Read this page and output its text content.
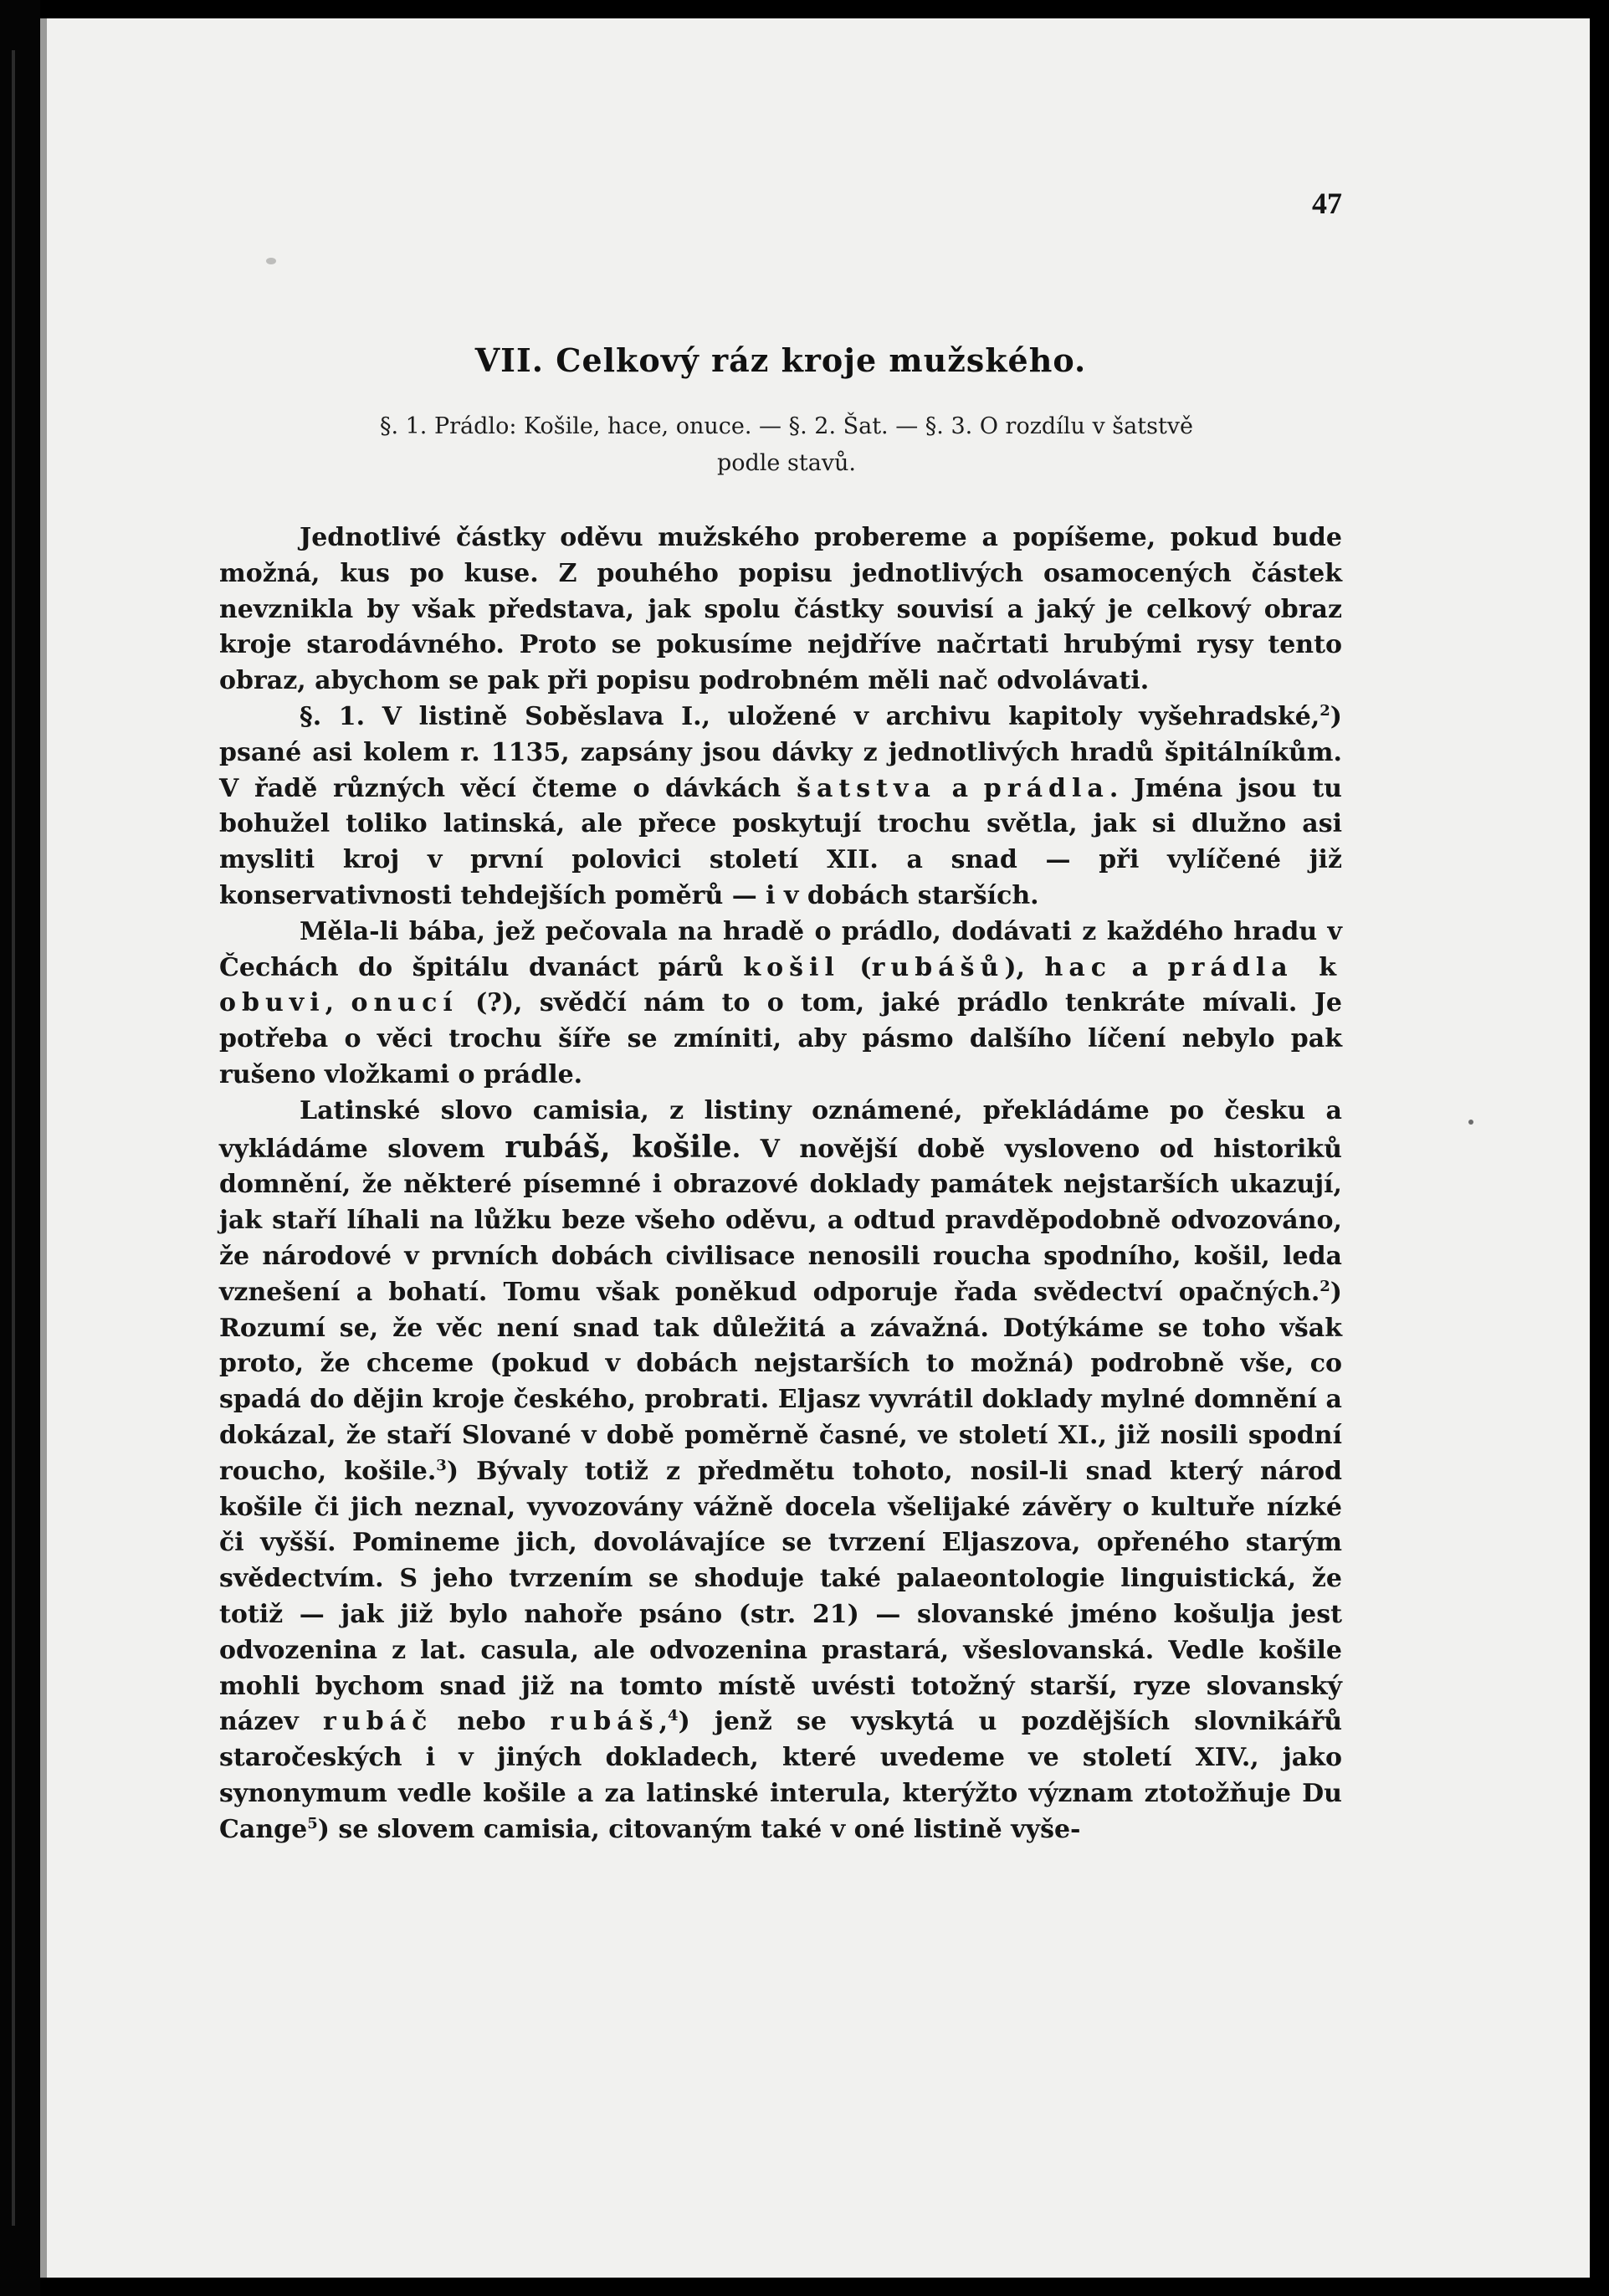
47
VII. Celkový ráz kroje mužského.
§. 1. Prádlo: Košile, hace, onuce. — §. 2. Šat. — §. 3. O rozdílu v šatstvě
podle stavů.

Jednotlivé částky oděvu mužského probereme a popíšeme, pokud bude možná, kus po kuse. Z pouhého popisu jednotlivých osamocených částek nevznikla by však představa, jak spolu částky souvisí a jaký je celkový obraz kroje starodávného. Proto se pokusíme nejdříve načrtati hrubými rysy tento obraz, abychom se pak při popisu podrobném měli nač odvolávati.

§. 1. V listině Soběslava I., uložené v archivu kapitoly vyšehradské,$^2$) psané asi kolem r. 1135, zapsány jsou dávky z jednotlivých hradů špitálníkům. V řadě různých věcí čteme o dávkách šatstva a prádla. Jména jsou tu bohužel toliko latinská, ale přece poskytují trochu světla, jak si dlužno asi mysliti kroj v první polovici století XII. a snad — při vylíčené již konservativnosti tehdejších poměrů — i v dobách starších.

Měla-li bába, jež pečovala na hradě o prádlo, dodávati z každého hradu v Čechách do špitálu dvanáct párů košil (rubášů), hac a prádla k obuvi, onucí (?), svědčí nám to o tom, jaké prádlo tenkráte mívali. Je potřeba o věci trochu šíře se zmíniti, aby pásmo dalšího líčení nebylo pak rušeno vložkami o prádle.

Latinské slovo camisia, z listiny oznámené, překládáme po česku a vykládáme slovem rubáš, košile. V novější době vysloveno od historiků domnění, že některé písemné i obrazové doklady památek nejstarších ukazují, jak staří líhali na lůžku beze všeho oděvu, a odtud pravděpodobně odvozováno, že národové v prvních dobách civilisace nenosili roucha spodního, košil, leda vznešení a bohatí. Tomu však poněkud odporuje řada svědectví opačných.$^2$) Rozumí se, že věc není snad tak důležitá a závažná. Dotýkáme se toho však proto, že chceme (pokud v dobách nejstarších to možná) podrobně vše, co spadá do dějin kroje českého, probrati. Eljasz vyvrátil doklady mylné domnění a dokázal, že staří Slované v době poměrně časné, ve století XI., již nosili spodní roucho, košile.$^3$) Bývaly totiž z předmětu tohoto, nosil-li snad který národ košile či jich neznal, vyvozovány vážně docela všelijaké závěry o kultuře nízké či vyšší. Pomineme jich, dovolávajíce se tvrzení Eljaszova, opřeného starým svědectvím. S jeho tvrzením se shoduje také palaeontologie linguistická, že totiž — jak již bylo nahoře psáno (str. 21) — slovanské jméno košulja jest odvozenina z lat. casula, ale odvozenina prastará, všeslovanská. Vedle košile mohli bychom snad již na tomto místě uvésti totožný starší, ryze slovanský název rubáč nebo rubáš,$^4$) jenž se vyskytá u pozdějších slovnikářů staročeských i v jiných dokladech, které uvedeme ve století XIV., jako synonymum vedle košile a za latinské interula, kterýžto význam ztotožňuje Du Cange$^5$) se slovem camisia, citovaným také v oné listině vyše-
